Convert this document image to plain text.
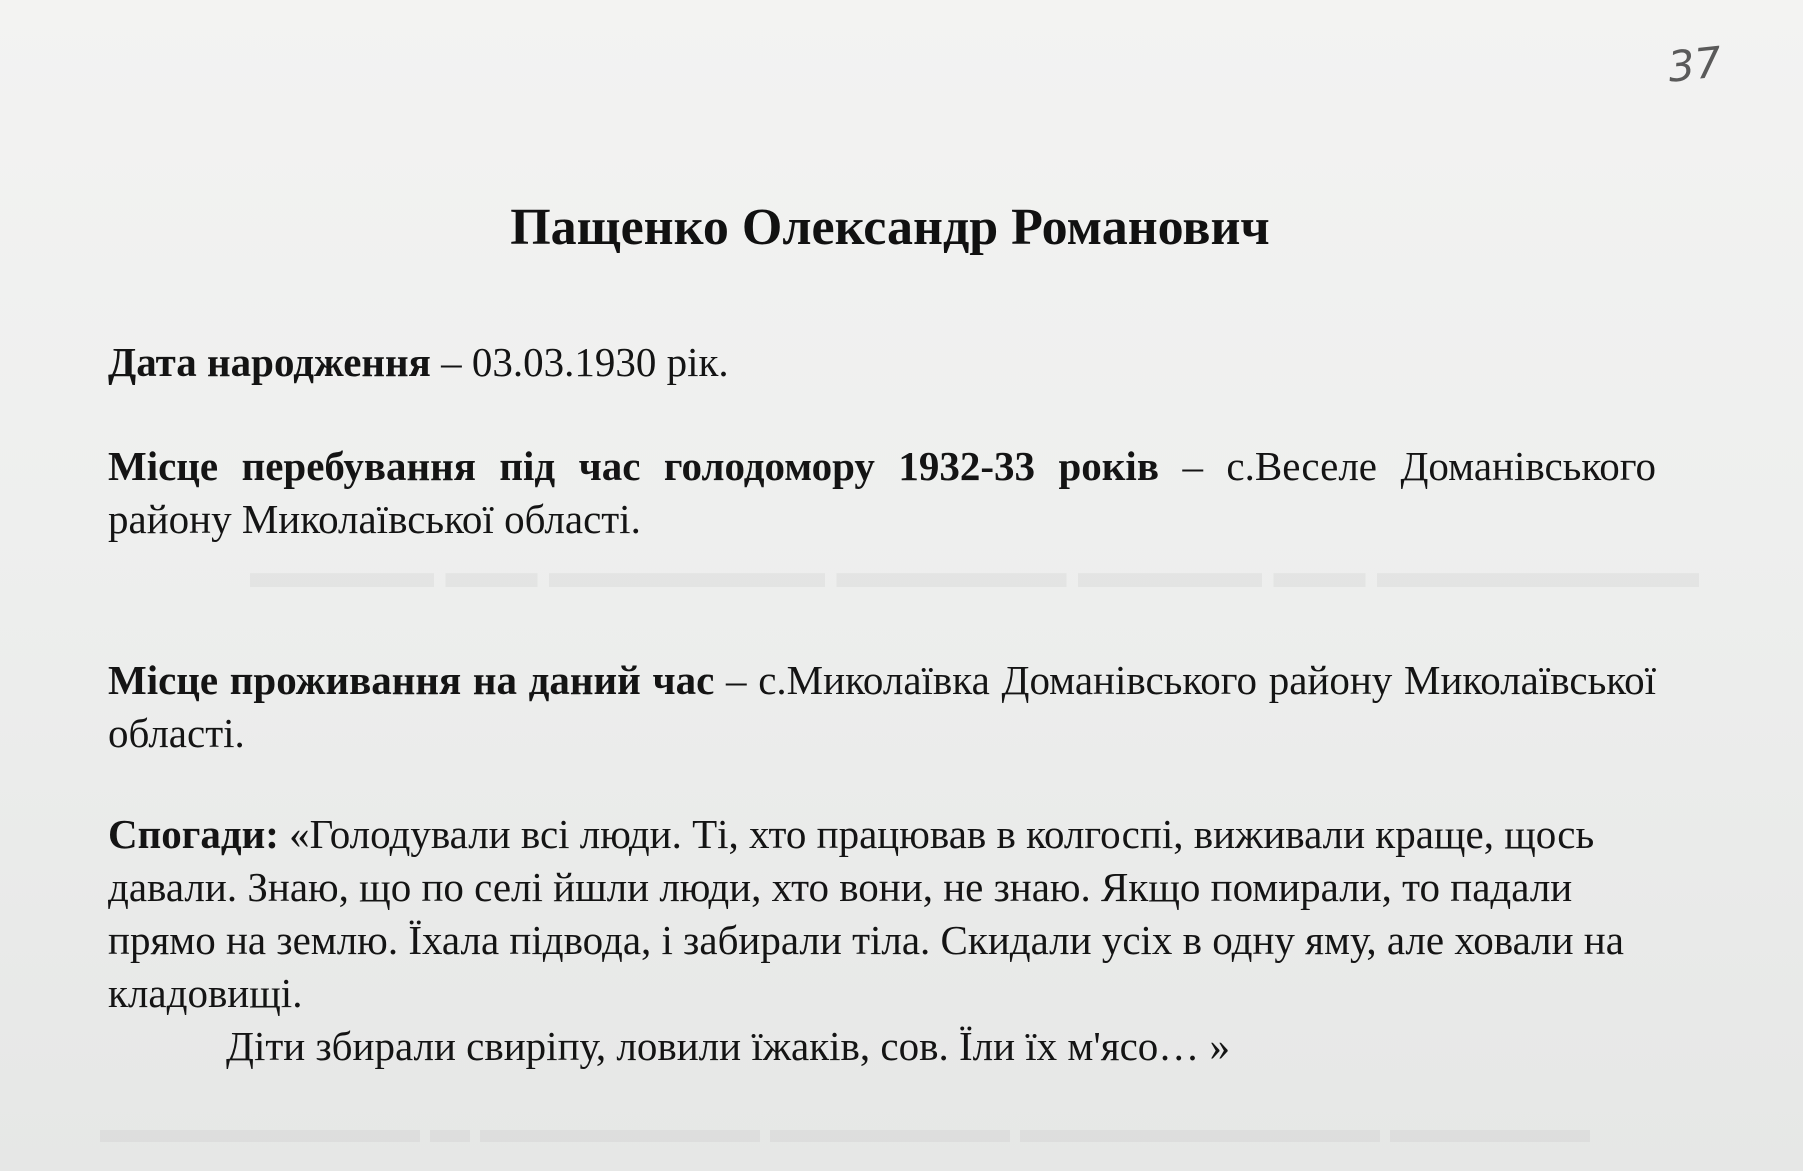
37
Пащенко Олександр Романович

Дата народження – 03.03.1930 рік.

Місце перебування під час голодомору 1932-33 років – с.Веселе Доманівського району Миколаївської області.

Місце проживання на даний час – с.Миколаївка Доманівського району Миколаївської області.

Спогади: «Голодували всі люди. Ті, хто працював в колгоспі, виживали краще, щось давали. Знаю, що по селі йшли люди, хто вони, не знаю. Якщо помирали, то падали прямо на землю. Їхала підвода, і забирали тіла. Скидали усіх в одну яму, але ховали на кладовищі.

Діти збирали свиріпу, ловили їжаків, сов. Їли їх м'ясо… »
